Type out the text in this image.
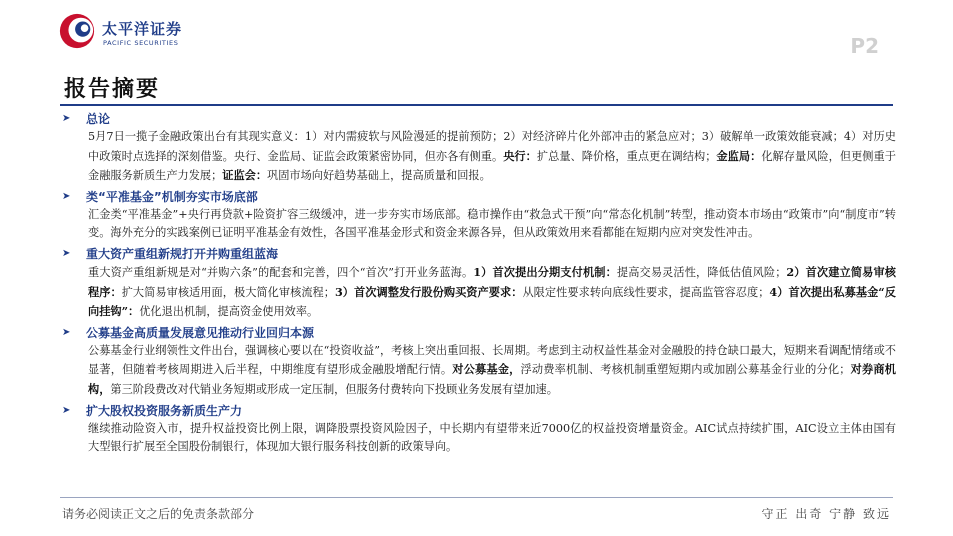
太平洋证券
PACIFIC SECURITIES	P2
报告摘要
➤ 总论

5月7日一揽子金融政策出台有其现实意义：1）对内需疲软与风险漫延的提前预防；2）对经济碎片化外部冲击的紧急应对；3）破解单一政策效能衰减；4）对历史中政策时点选择的深刻借鉴。央行、金监局、证监会政策紧密协同，但亦各有侧重。央行：扩总量、降价格，重点更在调结构；金监局：化解存量风险，但更侧重于金融服务新质生产力发展；证监会：巩固市场向好趋势基础上，提高质量和回报。

➤ 类“平准基金”机制夯实市场底部

汇金类“平准基金”+央行再贷款+险资扩容三级缓冲，进一步夯实市场底部。稳市操作由“救急式干预”向“常态化机制”转型，推动资本市场由“政策市”向“制度市”转变。海外充分的实践案例已证明平准基金有效性，各国平准基金形式和资金来源各异，但从政策效用来看都能在短期内应对突发性冲击。

➤ 重大资产重组新规打开并购重组蓝海

重大资产重组新规是对“并购六条”的配套和完善，四个“首次”打开业务蓝海。1）首次提出分期支付机制：提高交易灵活性，降低估值风险；2）首次建立简易审核程序：扩大简易审核适用面，极大简化审核流程；3）首次调整发行股份购买资产要求：从限定性要求转向底线性要求，提高监管容忍度；4）首次提出私募基金“反向挂钩”：优化退出机制，提高资金使用效率。

➤ 公募基金高质量发展意见推动行业回归本源

公募基金行业纲领性文件出台，强调核心要以在“投资收益”，考核上突出重回报、长周期。考虑到主动权益性基金对金融股的持仓缺口最大，短期来看调配情绪或不显著，但随着考核周期进入后半程，中期维度有望形成金融股增配行情。对公募基金，浮动费率机制、考核机制重塑短期内或加剧公募基金行业的分化；对券商机构，第三阶段费改对代销业务短期或形成一定压制，但服务付费转向下投顾业务发展有望加速。

➤ 扩大股权投资服务新质生产力

继续推动险资入市，提升权益投资比例上限，调降股票投资风险因子，中长期内有望带来近7000亿的权益投资增量资金。AIC试点持续扩围，AIC设立主体由国有大型银行扩展至全国股份制银行，体现加大银行服务科技创新的政策导向。

请务必阅读正文之后的免责条款部分	守正 出奇 宁静 致远
